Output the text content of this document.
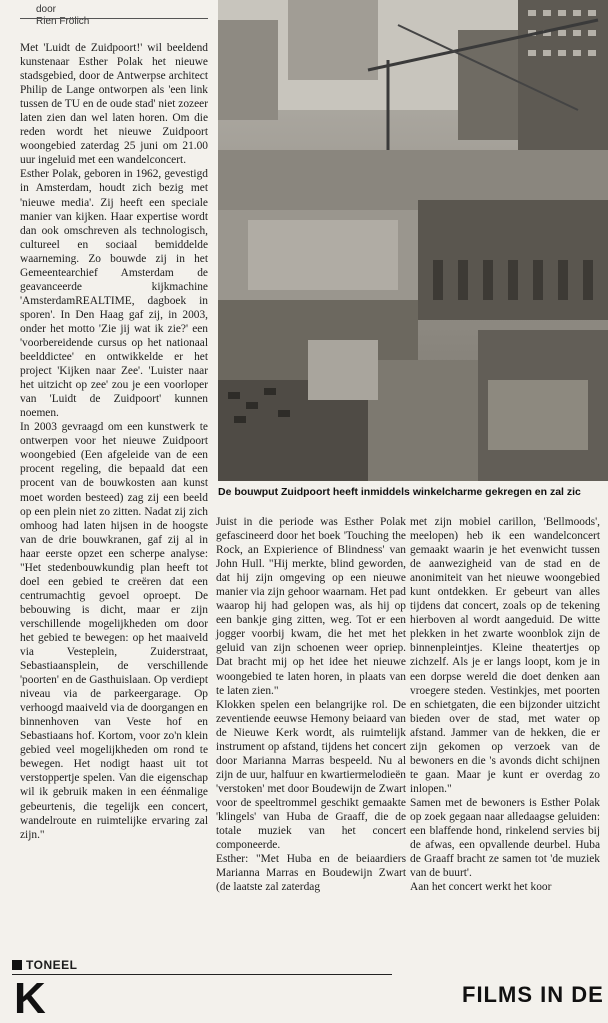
door
Rien Frölich
De bouwput Zuidpoort heeft inmiddels winkelcharme gekregen en zal zic

Met 'Luidt de Zuidpoort!' wil beeldend kunstenaar Esther Polak het nieuwe stadsgebied, door de Antwerpse architect Philip de Lange ontworpen als 'een link tussen de TU en de oude stad' niet zozeer laten zien dan wel laten horen. Om die reden wordt het nieuwe Zuidpoort woongebied zaterdag 25 juni om 21.00 uur ingeluid met een wandelconcert.

Esther Polak, geboren in 1962, gevestigd in Amsterdam, houdt zich bezig met 'nieuwe media'. Zij heeft een speciale manier van kijken. Haar expertise wordt dan ook omschreven als technologisch, cultureel en sociaal bemiddelde waarneming. Zo bouwde zij in het Gemeentearchief Amsterdam de geavanceerde kijkmachine 'AmsterdamREALTIME, dagboek in sporen'. In Den Haag gaf zij, in 2003, onder het motto 'Zie jij wat ik zie?' een 'voorbereidende cursus op het nationaal beelddictee' en ontwikkelde er het project 'Kijken naar Zee'. 'Luister naar het uitzicht op zee' zou je een voorloper van 'Luidt de Zuidpoort' kunnen noemen.

In 2003 gevraagd om een kunstwerk te ontwerpen voor het nieuwe Zuidpoort woongebied (Een afgeleide van de een procent regeling, die bepaald dat een procent van de bouwkosten aan kunst moet worden besteed) zag zij een beeld op een plein niet zo zitten. Nadat zij zich omhoog had laten hijsen in de hoogste van de drie bouwkranen, gaf zij al in haar eerste opzet een scherpe analyse: "Het stedenbouwkundig plan heeft tot doel een gebied te creëren dat een centrumachtig gevoel oproept. De bebouwing is dicht, maar er zijn verschillende mogelijkheden om door het gebied te bewegen: op het maaiveld via Vesteplein, Zuiderstraat, Sebastiaansplein, de verschillende 'poorten' en de Gasthuislaan. Op verdiept niveau via de parkeergarage. Op verhoogd maaiveld via de doorgangen en binnenhoven van Veste hof en Sebastiaans hof. Kortom, voor zo'n klein gebied veel mogelijkheden om rond te bewegen. Het nodigt haast uit tot verstoppertje spelen. Van die eigenschap wil ik gebruik maken in een éénmalige gebeurtenis, die tegelijk een concert, wandelroute en ruimtelijke ervaring zal zijn."

Juist in die periode was Esther Polak gefascineerd door het boek 'Touching the Rock, an Expierience of Blindness' van John Hull. "Hij merkte, blind geworden, dat hij zijn omgeving op een nieuwe manier via zijn gehoor waarnam. Het pad waarop hij had gelopen was, als hij op een bankje ging zitten, weg. Tot er een jogger voorbij kwam, die het met het geluid van zijn schoenen weer opriep. Dat bracht mij op het idee het nieuwe woongebied te laten horen, in plaats van te laten zien."

Klokken spelen een belangrijke rol. De zeventiende eeuwse Hemony beiaard van de Nieuwe Kerk wordt, als ruimtelijk instrument op afstand, tijdens het concert door Marianna Marras bespeeld. Nu al zijn de uur, halfuur en kwartiermelodieën 'verstoken' met door Boudewijn de Zwart voor de speeltrommel geschikt gemaakte 'klingels' van Huba de Graaff, die de totale muziek van het concert componeerde.

Esther: "Met Huba en de beiaardiers Marianna Marras en Boudewijn Zwart (de laatste zal zaterdag

met zijn mobiel carillon, 'Bellmoods', meelopen) heb ik een wandelconcert gemaakt waarin je het evenwicht tussen de aanwezigheid van de stad en de anonimiteit van het nieuwe woongebied kunt ontdekken. Er gebeurt van alles tijdens dat concert, zoals op de tekening hierboven al wordt aangeduid. De witte plekken in het zwarte woonblok zijn de binnenpleintjes. Kleine theatertjes op zichzelf. Als je er langs loopt, kom je in een dorpse wereld die doet denken aan vroegere steden. Vestinkjes, met poorten en schietgaten, die een bijzonder uitzicht bieden over de stad, met water op afstand. Jammer van de hekken, die er zijn gekomen op verzoek van de bewoners en die 's avonds dicht schijnen te gaan. Maar je kunt er overdag zo inlopen."

Samen met de bewoners is Esther Polak op zoek gegaan naar alledaagse geluiden: een blaffende hond, rinkelend servies bij de afwas, een opvallende deurbel. Huba de Graaff bracht ze samen tot 'de muziek van de buurt'.

Aan het concert werkt het koor

TONEEL
K	FILMS IN DE
